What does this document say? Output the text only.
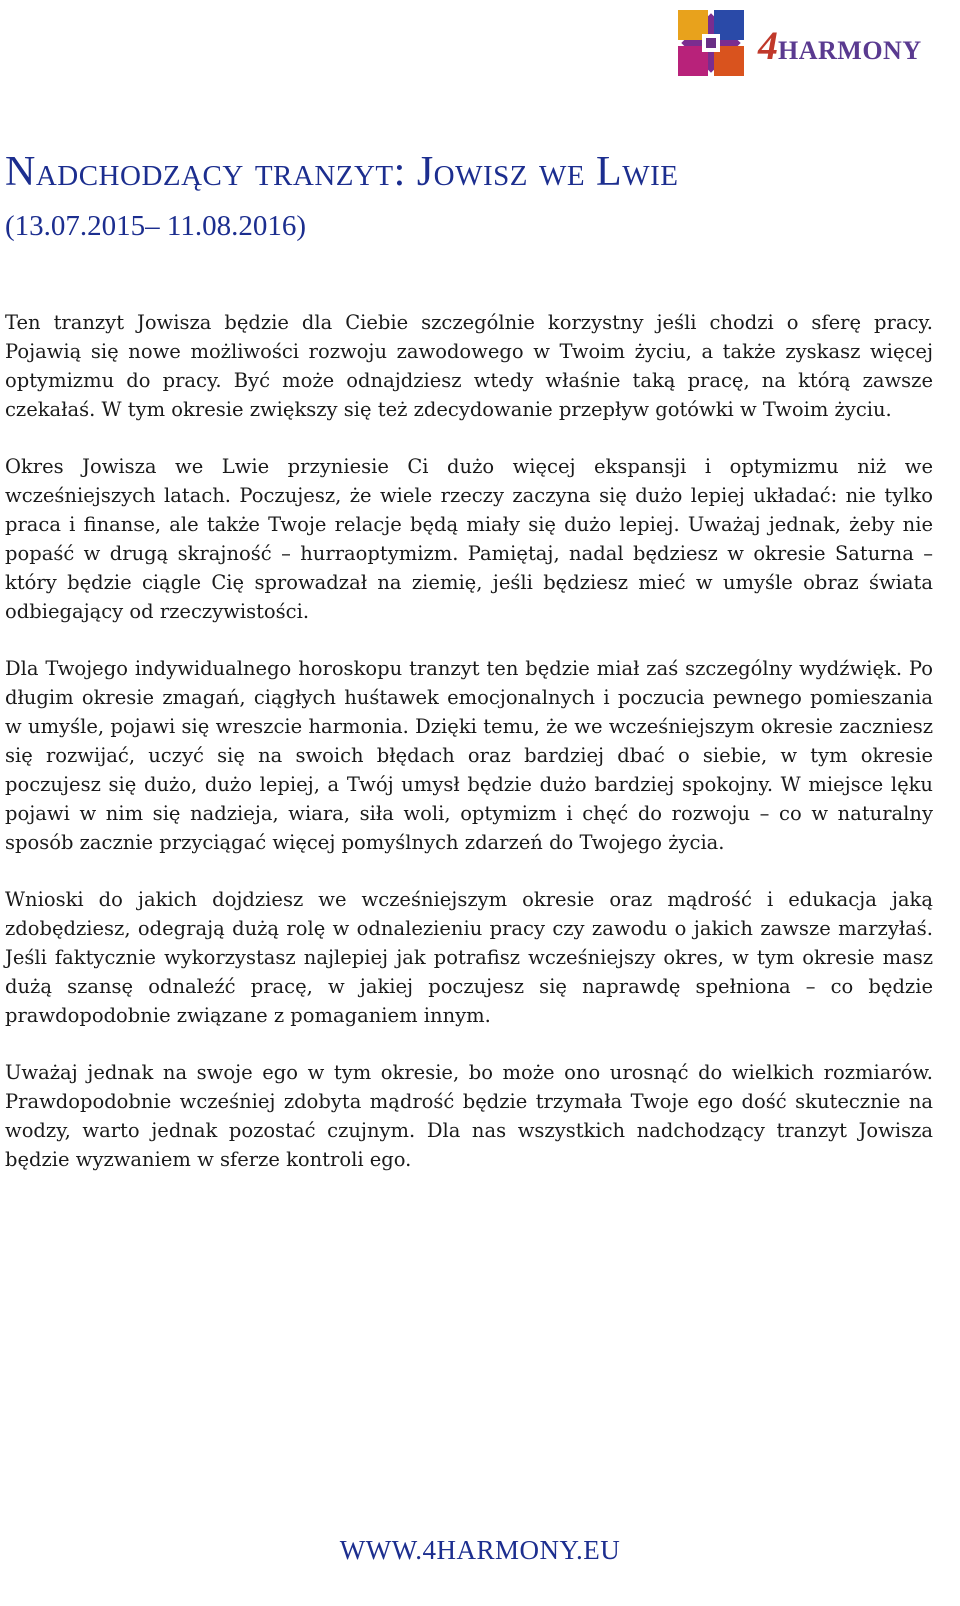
4 HARMONY
Nadchodzący tranzyt: Jowisz we Lwie
(13.07.2015– 11.08.2016)

Ten tranzyt Jowisza będzie dla Ciebie szczególnie korzystny jeśli chodzi o sferę pracy. Pojawią się nowe możliwości rozwoju zawodowego w Twoim życiu, a także zyskasz więcej optymizmu do pracy. Być może odnajdziesz wtedy właśnie taką pracę, na którą zawsze czekałaś. W tym okresie zwiększy się też zdecydowanie przepływ gotówki w Twoim życiu.

Okres Jowisza we Lwie przyniesie Ci dużo więcej ekspansji i optymizmu niż we wcześniejszych latach. Poczujesz, że wiele rzeczy zaczyna się dużo lepiej układać: nie tylko praca i finanse, ale także Twoje relacje będą miały się dużo lepiej. Uważaj jednak, żeby nie popaść w drugą skrajność – hurraoptymizm. Pamiętaj, nadal będziesz w okresie Saturna – który będzie ciągle Cię sprowadzał na ziemię, jeśli będziesz mieć w umyśle obraz świata odbiegający od rzeczywistości.

Dla Twojego indywidualnego horoskopu tranzyt ten będzie miał zaś szczególny wydźwięk. Po długim okresie zmagań, ciągłych huśtawek emocjonalnych i poczucia pewnego pomieszania w umyśle, pojawi się wreszcie harmonia. Dzięki temu, że we wcześniejszym okresie zaczniesz się rozwijać, uczyć się na swoich błędach oraz bardziej dbać o siebie, w tym okresie poczujesz się dużo, dużo lepiej, a Twój umysł będzie dużo bardziej spokojny. W miejsce lęku pojawi w nim się nadzieja, wiara, siła woli, optymizm i chęć do rozwoju – co w naturalny sposób zacznie przyciągać więcej pomyślnych zdarzeń do Twojego życia.

Wnioski do jakich dojdziesz we wcześniejszym okresie oraz mądrość i edukacja jaką zdobędziesz, odegrają dużą rolę w odnalezieniu pracy czy zawodu o jakich zawsze marzyłaś. Jeśli faktycznie wykorzystasz najlepiej jak potrafisz wcześniejszy okres, w tym okresie masz dużą szansę odnaleźć pracę, w jakiej poczujesz się naprawdę spełniona – co będzie prawdopodobnie związane z pomaganiem innym.

Uważaj jednak na swoje ego w tym okresie, bo może ono urosnąć do wielkich rozmiarów. Prawdopodobnie wcześniej zdobyta mądrość będzie trzymała Twoje ego dość skutecznie na wodzy, warto jednak pozostać czujnym. Dla nas wszystkich nadchodzący tranzyt Jowisza będzie wyzwaniem w sferze kontroli ego.

WWW.4HARMONY.EU
